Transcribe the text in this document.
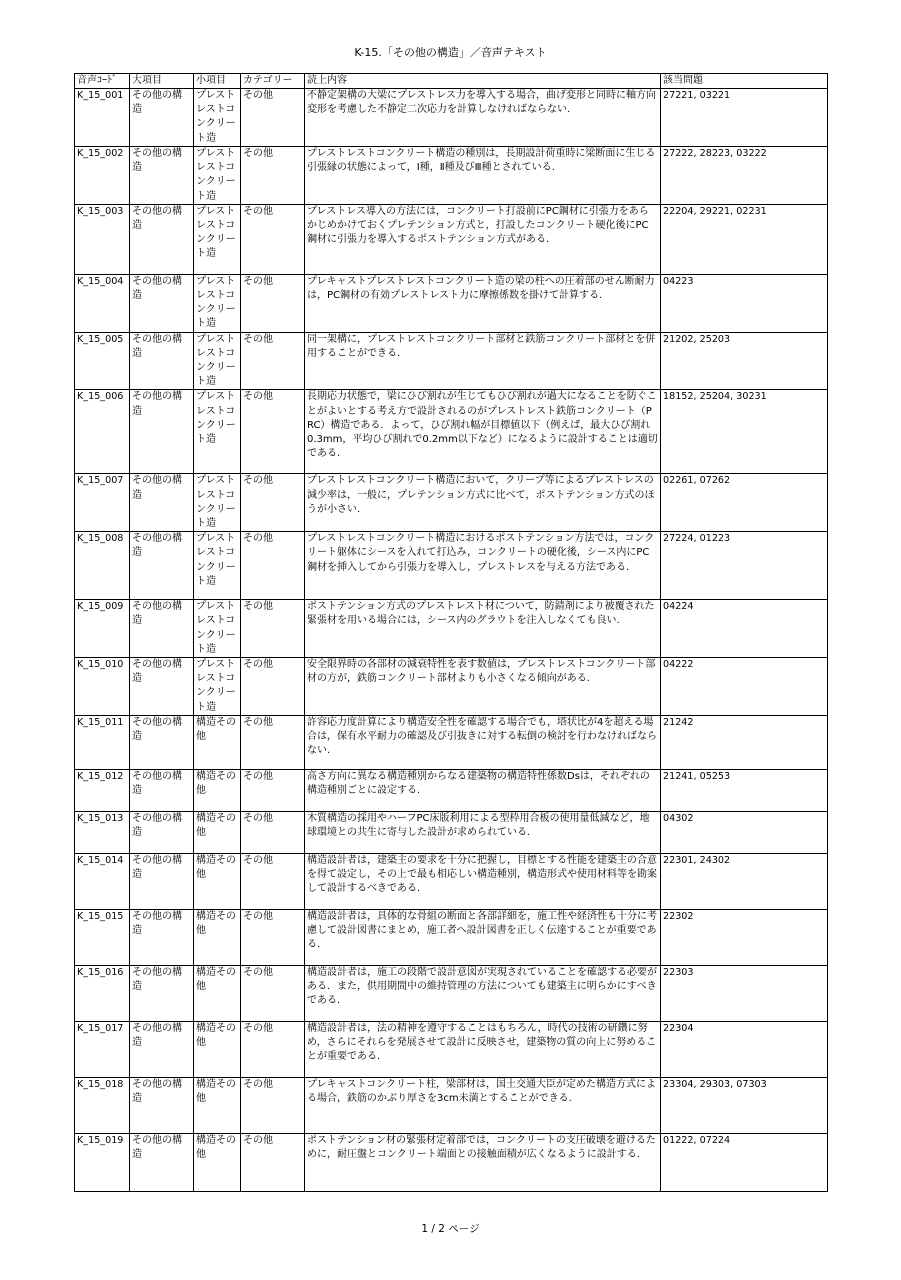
K-15.「その他の構造」／音声テキスト
音声ｺｰﾄﾞ	大項目	小項目	カテゴリー	読上内容	該当問題
K_15_001	その他の構造	プレストレストコンクリート造	その他	不静定架構の大梁にプレストレス力を導入する場合，曲げ変形と同時に軸方向変形を考慮した不静定二次応力を計算しなければならない.	27221, 03221
K_15_002	その他の構造	プレストレストコンクリート造	その他	プレストレストコンクリート構造の種別は，長期設計荷重時に梁断面に生じる引張縁の状態によって，Ⅰ種，Ⅱ種及びⅢ種とされている.	27222, 28223, 03222
K_15_003	その他の構造	プレストレストコンクリート造	その他	プレストレス導入の方法には，コンクリート打設前にPC鋼材に引張力をあらかじめかけておくプレテンション方式と，打設したコンクリート硬化後にPC鋼材に引張力を導入するポストテンション方式がある.	22204, 29221, 02231
K_15_004	その他の構造	プレストレストコンクリート造	その他	プレキャストプレストレストコンクリート造の梁の柱への圧着部のせん断耐力は，PC鋼材の有効プレストレスト力に摩擦係数を掛けて計算する.	04223
K_15_005	その他の構造	プレストレストコンクリート造	その他	同一架構に，プレストレストコンクリート部材と鉄筋コンクリート部材とを併用することができる.	21202, 25203
K_15_006	その他の構造	プレストレストコンクリート造	その他	長期応力状態で，梁にひび割れが生じてもひび割れが過大になることを防ぐことがよいとする考え方で設計されるのがプレストレスト鉄筋コンクリート（PRC）構造である．よって，ひび割れ幅が目標値以下（例えば，最大ひび割れ0.3mm，平均ひび割れで0.2mm以下など）になるように設計することは適切である.	18152, 25204, 30231
K_15_007	その他の構造	プレストレストコンクリート造	その他	プレストレストコンクリート構造において，クリープ等によるプレストレスの減少率は，一般に，プレテンション方式に比べて，ポストテンション方式のほうが小さい.	02261, 07262
K_15_008	その他の構造	プレストレストコンクリート造	その他	プレストレストコンクリート構造におけるポストテンション方法では，コンクリート躯体にシースを入れて打込み，コンクリートの硬化後，シース内にPC鋼材を挿入してから引張力を導入し，プレストレスを与える方法である.	27224, 01223
K_15_009	その他の構造	プレストレストコンクリート造	その他	ポストテンション方式のプレストレスト材について，防錆剤により被覆された緊張材を用いる場合には，シース内のグラウトを注入しなくても良い.	04224
K_15_010	その他の構造	プレストレストコンクリート造	その他	安全限界時の各部材の減衰特性を表す数値は，プレストレストコンクリート部材の方が，鉄筋コンクリート部材よりも小さくなる傾向がある.	04222
K_15_011	その他の構造	構造その他	その他	許容応力度計算により構造安全性を確認する場合でも，塔状比が4を超える場合は，保有水平耐力の確認及び引抜きに対する転倒の検討を行わなければならない.	21242
K_15_012	その他の構造	構造その他	その他	高さ方向に異なる構造種別からなる建築物の構造特性係数Dsは，それぞれの構造種別ごとに設定する.	21241, 05253
K_15_013	その他の構造	構造その他	その他	木質構造の採用やハーフPC床版利用による型枠用合板の使用量低減など，地球環境との共生に寄与した設計が求められている.	04302
K_15_014	その他の構造	構造その他	その他	構造設計者は，建築主の要求を十分に把握し，目標とする性能を建築主の合意を得て設定し，その上で最も相応しい構造種別，構造形式や使用材料等を勘案して設計するべきである.	22301, 24302
K_15_015	その他の構造	構造その他	その他	構造設計者は，具体的な骨組の断面と各部詳細を，施工性や経済性も十分に考慮して設計図書にまとめ，施工者へ設計図書を正しく伝達することが重要である.	22302
K_15_016	その他の構造	構造その他	その他	構造設計者は，施工の段階で設計意図が実現されていることを確認する必要がある．また，供用期間中の維持管理の方法についても建築主に明らかにすべきである.	22303
K_15_017	その他の構造	構造その他	その他	構造設計者は，法の精神を遵守することはもちろん，時代の技術の研鑽に努め，さらにそれらを発展させて設計に反映させ，建築物の質の向上に努めることが重要である.	22304
K_15_018	その他の構造	構造その他	その他	プレキャストコンクリート柱，梁部材は，国土交通大臣が定めた構造方式による場合，鉄筋のかぶり厚さを3cm未満とすることができる.	23304, 29303, 07303
K_15_019	その他の構造	構造その他	その他	ポストテンション材の緊張材定着部では，コンクリートの支圧破壊を避けるために，耐圧盤とコンクリート端面との接触面積が広くなるように設計する.	01222, 07224
1 / 2 ページ
